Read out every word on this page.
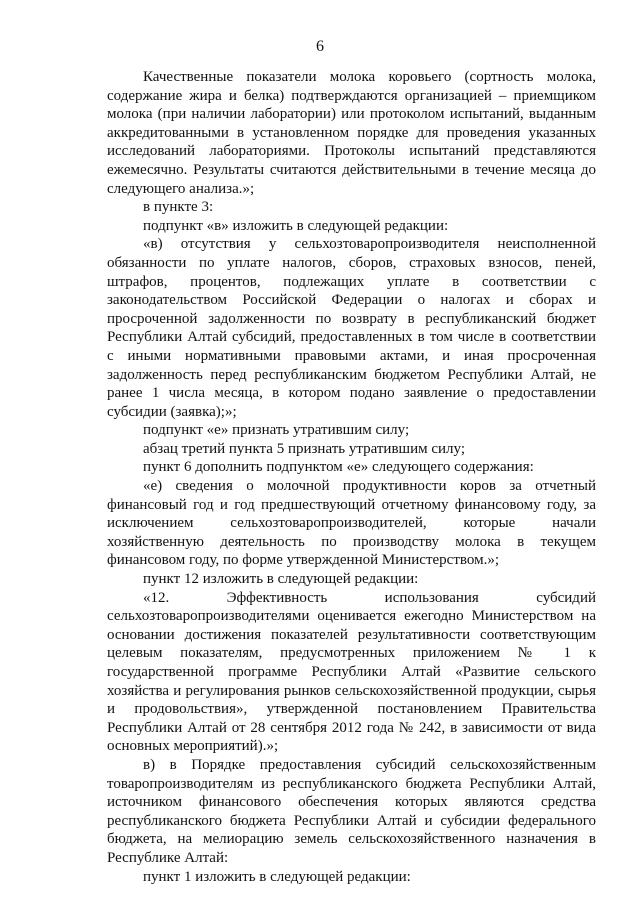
6

Качественные показатели молока коровьего (сортность молока, содержание жира и белка) подтверждаются организацией – приемщиком молока (при наличии лаборатории) или протоколом испытаний, выданным аккредитованными в установленном порядке для проведения указанных исследований лабораториями. Протоколы испытаний представляются ежемесячно. Результаты считаются действительными в течение месяца до следующего анализа.»;

в пункте 3:

подпункт «в» изложить в следующей редакции:

«в) отсутствия у сельхозтоваропроизводителя неисполненной обязанности по уплате налогов, сборов, страховых взносов, пеней, штрафов, процентов, подлежащих уплате в соответствии с законодательством Российской Федерации о налогах и сборах и просроченной задолженности по возврату в республиканский бюджет Республики Алтай субсидий, предоставленных в том числе в соответствии с иными нормативными правовыми актами, и иная просроченная задолженность перед республиканским бюджетом Республики Алтай, не ранее 1 числа месяца, в котором подано заявление о предоставлении субсидии (заявка);»;

подпункт «е» признать утратившим силу;

абзац третий пункта 5 признать утратившим силу;

пункт 6 дополнить подпунктом «е» следующего содержания:

«е) сведения о молочной продуктивности коров за отчетный финансовый год и год предшествующий отчетному финансовому году, за исключением сельхозтоваропроизводителей, которые начали хозяйственную деятельность по производству молока в текущем финансовом году, по форме утвержденной Министерством.»;

пункт 12 изложить в следующей редакции:

«12. Эффективность использования субсидий сельхозтоваропроизводителями оценивается ежегодно Министерством на основании достижения показателей результативности соответствующим целевым показателям, предусмотренных приложением № 1 к государственной программе Республики Алтай «Развитие сельского хозяйства и регулирования рынков сельскохозяйственной продукции, сырья и продовольствия», утвержденной постановлением Правительства Республики Алтай от 28 сентября 2012 года № 242, в зависимости от вида основных мероприятий).»;

в) в Порядке предоставления субсидий сельскохозяйственным товаропроизводителям из республиканского бюджета Республики Алтай, источником финансового обеспечения которых являются средства республиканского бюджета Республики Алтай и субсидии федерального бюджета, на мелиорацию земель сельскохозяйственного назначения в Республике Алтай:

пункт 1 изложить в следующей редакции:
